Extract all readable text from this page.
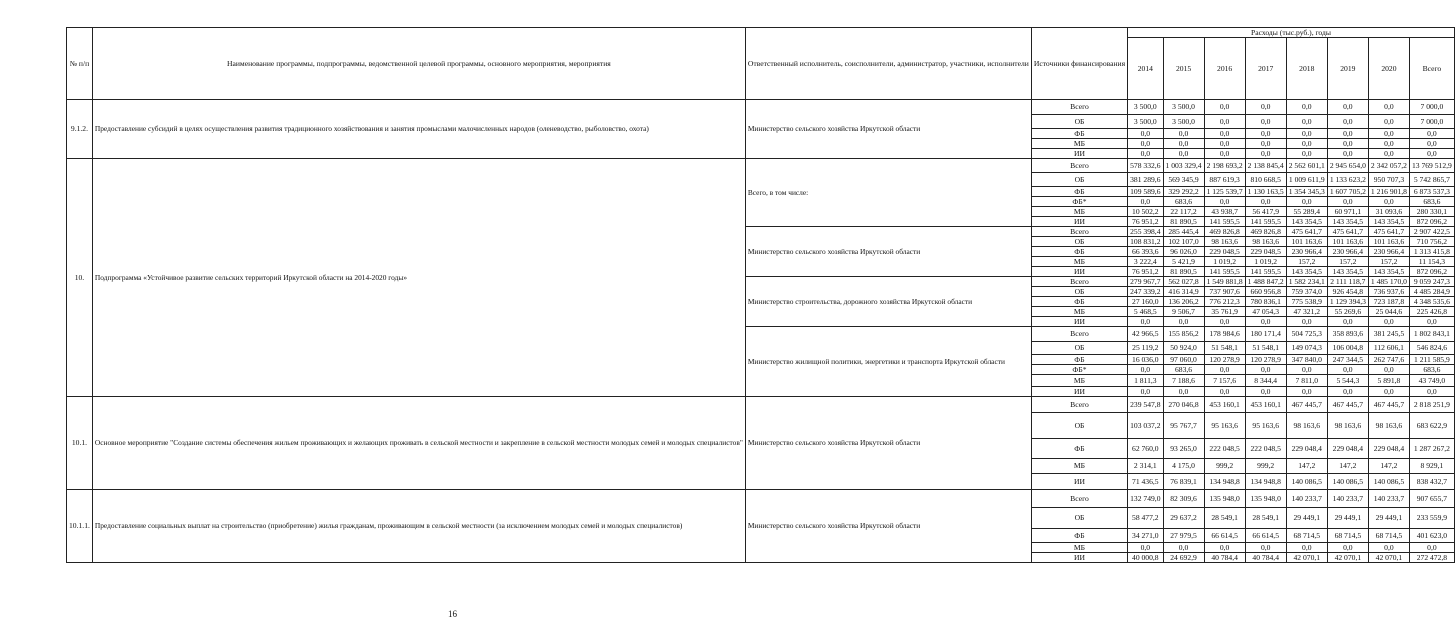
№ п/п	Наименование программы, подпрограммы, ведомственной целевой программы, основного мероприятия, мероприятия	Ответственный исполнитель, соисполнители, администратор, участники, исполнители	Источники финансирования	Расходы (тыс.руб.), годы							
				2014	2015	2016	2017	2018	2019	2020	Всего
9.1.2.	Предоставление субсидий в целях осуществления развития традиционного хозяйствования и занятия промыслами малочисленных народов (оленеводство, рыболовство, охота)	Министерство сельского хозяйства Иркутской области	Всего	3 500,0	3 500,0	0,0	0,0	0,0	0,0	0,0	7 000,0
			ОБ	3 500,0	3 500,0	0,0	0,0	0,0	0,0	0,0	7 000,0
			ФБ	0,0	0,0	0,0	0,0	0,0	0,0	0,0	0,0
			МБ	0,0	0,0	0,0	0,0	0,0	0,0	0,0	0,0
			ИИ	0,0	0,0	0,0	0,0	0,0	0,0	0,0	0,0
10.	Подпрограмма «Устойчивое развитие сельских территорий Иркутской области на 2014-2020 годы»	Всего, в том числе:	Всего	578 332,6	1 003 329,4	2 198 693,2	2 138 845,4	2 562 601,1	2 945 654,0	2 342 057,2	13 769 512,9
			ОБ	381 289,6	569 345,9	887 619,3	810 668,5	1 009 611,9	1 133 623,2	950 707,3	5 742 865,7
			ФБ	109 589,6	329 292,2	1 125 539,7	1 130 163,5	1 354 345,3	1 607 705,2	1 216 901,8	6 873 537,3
			ФБ*	0,0	683,6	0,0	0,0	0,0	0,0	0,0	683,6
			МБ	10 502,2	22 117,2	43 938,7	56 417,9	55 289,4	60 971,1	31 093,6	280 330,1
			ИИ	76 951,2	81 890,5	141 595,5	141 595,5	143 354,5	143 354,5	143 354,5	872 096,2
		Министерство сельского хозяйства Иркутской области	Всего	255 398,4	285 445,4	469 826,8	469 826,8	475 641,7	475 641,7	475 641,7	2 907 422,5
			ОБ	108 831,2	102 107,0	98 163,6	98 163,6	101 163,6	101 163,6	101 163,6	710 756,2
			ФБ	66 393,6	96 026,0	229 048,5	229 048,5	230 966,4	230 966,4	230 966,4	1 313 415,8
			МБ	3 222,4	5 421,9	1 019,2	1 019,2	157,2	157,2	157,2	11 154,3
			ИИ	76 951,2	81 890,5	141 595,5	141 595,5	143 354,5	143 354,5	143 354,5	872 096,2
		Министерство строительства, дорожного хозяйства Иркутской области	Всего	279 967,7	562 027,8	1 549 881,8	1 488 847,2	1 582 234,1	2 111 118,7	1 485 170,0	9 059 247,3
			ОБ	247 339,2	416 314,9	737 907,6	660 956,8	759 374,0	926 454,8	736 937,6	4 485 284,9
			ФБ	27 160,0	136 206,2	776 212,3	780 836,1	775 538,9	1 129 394,3	723 187,8	4 348 535,6
			МБ	5 468,5	9 506,7	35 761,9	47 054,3	47 321,2	55 269,6	25 044,6	225 426,8
			ИИ	0,0	0,0	0,0	0,0	0,0	0,0	0,0	0,0
		Министерство жилищной политики, энергетики и транспорта Иркутской области	Всего	42 966,5	155 856,2	178 984,6	180 171,4	504 725,3	358 893,6	381 245,5	1 802 843,1
			ОБ	25 119,2	50 924,0	51 548,1	51 548,1	149 074,3	106 004,8	112 606,1	546 824,6
			ФБ	16 036,0	97 060,0	120 278,9	120 278,9	347 840,0	247 344,5	262 747,6	1 211 585,9
			ФБ*	0,0	683,6	0,0	0,0	0,0	0,0	0,0	683,6
			МБ	1 811,3	7 188,6	7 157,6	8 344,4	7 811,0	5 544,3	5 891,8	43 749,0
			ИИ	0,0	0,0	0,0	0,0	0,0	0,0	0,0	0,0
10.1.	Основное мероприятие "Создание системы обеспечения жильем проживающих и желающих проживать в сельской местности и закрепление в сельской местности молодых семей и молодых специалистов"	Министерство сельского хозяйства Иркутской области	Всего	239 547,8	270 046,8	453 160,1	453 160,1	467 445,7	467 445,7	467 445,7	2 818 251,9
			ОБ	103 037,2	95 767,7	95 163,6	95 163,6	98 163,6	98 163,6	98 163,6	683 622,9
			ФБ	62 760,0	93 265,0	222 048,5	222 048,5	229 048,4	229 048,4	229 048,4	1 287 267,2
			МБ	2 314,1	4 175,0	999,2	999,2	147,2	147,2	147,2	8 929,1
			ИИ	71 436,5	76 839,1	134 948,8	134 948,8	140 086,5	140 086,5	140 086,5	838 432,7
10.1.1.	Предоставление социальных выплат на строительство (приобретение) жилья гражданам, проживающим в сельской местности (за исключением молодых семей и молодых специалистов)	Министерство сельского хозяйства Иркутской области	Всего	132 749,0	82 309,6	135 948,0	135 948,0	140 233,7	140 233,7	140 233,7	907 655,7
			ОБ	58 477,2	29 637,2	28 549,1	28 549,1	29 449,1	29 449,1	29 449,1	233 559,9
			ФБ	34 271,0	27 979,5	66 614,5	66 614,5	68 714,5	68 714,5	68 714,5	401 623,0
			МБ	0,0	0,0	0,0	0,0	0,0	0,0	0,0	0,0
			ИИ	40 000,8	24 692,9	40 784,4	40 784,4	42 070,1	42 070,1	42 070,1	272 472,8
16
